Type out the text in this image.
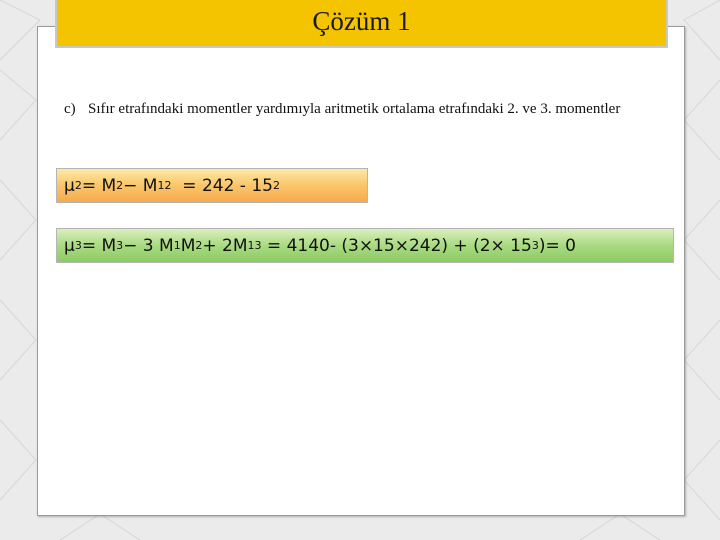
Çözüm 1
c) Sıfır etrafındaki momentler yardımıyla aritmetik ortalama etrafındaki 2. ve 3. momentler
μ 2 = M 2 − M 1 2 = 242 - 15 2
μ 3 = M 3 − 3 M 1 M 2 + 2M 1 3 = 4140- (3×15×242) + (2× 15 3 )= 0
